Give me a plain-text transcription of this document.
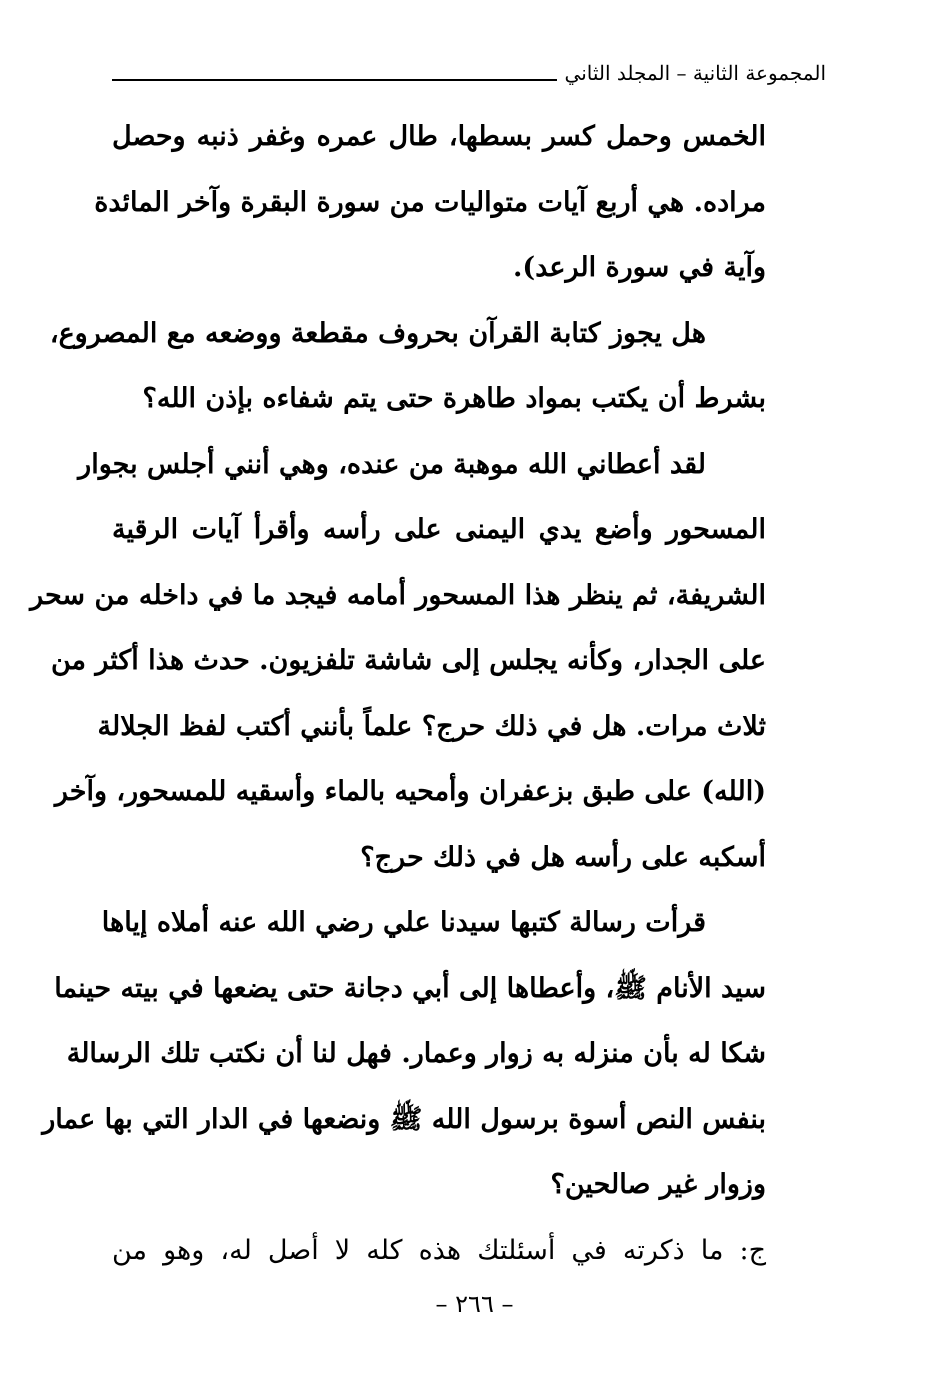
المجموعة الثانية – المجلد الثاني
الخمس وحمل كسر بسطها، طال عمره وغفر ذنبه وحصل
مراده. هي أربع آيات متواليات من سورة البقرة وآخر المائدة
وآية في سورة الرعد).
هل يجوز كتابة القرآن بحروف مقطعة ووضعه مع المصروع،
بشرط أن يكتب بمواد طاهرة حتى يتم شفاءه بإذن الله؟
لقد أعطاني الله موهبة من عنده، وهي أنني أجلس بجوار
المسحور وأضع يدي اليمنى على رأسه وأقرأ آيات الرقية
الشريفة، ثم ينظر هذا المسحور أمامه فيجد ما في داخله من سحر
على الجدار، وكأنه يجلس إلى شاشة تلفزيون. حدث هذا أكثر من
ثلاث مرات. هل في ذلك حرج؟ علماً بأنني أكتب لفظ الجلالة
(الله) على طبق بزعفران وأمحيه بالماء وأسقيه للمسحور، وآخر
أسكبه على رأسه هل في ذلك حرج؟
قرأت رسالة كتبها سيدنا علي رضي الله عنه أملاه إياها
سيد الأنام ﷺ، وأعطاها إلى أبي دجانة حتى يضعها في بيته حينما
شكا له بأن منزله به زوار وعمار. فهل لنا أن نكتب تلك الرسالة
بنفس النص أسوة برسول الله ﷺ ونضعها في الدار التي بها عمار
وزوار غير صالحين؟
ج: ما ذكرته في أسئلتك هذه كله لا أصل له، وهو من
– ٢٦٦ –
